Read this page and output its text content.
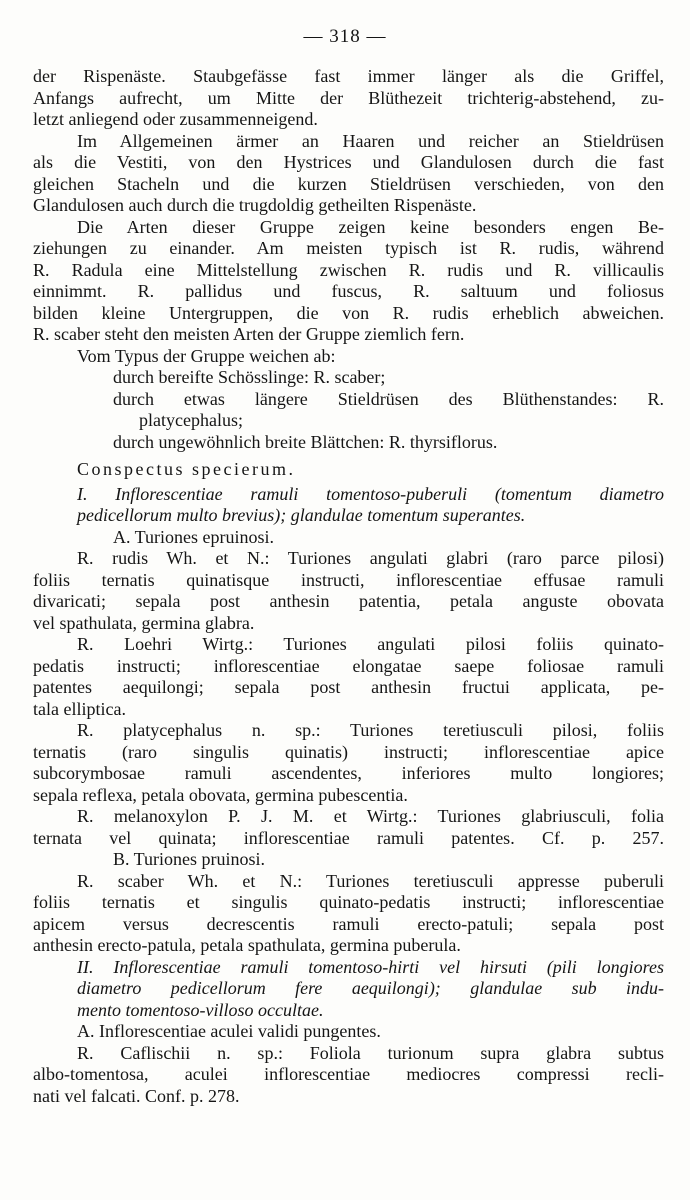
— 318 —
der Rispenäste. Staubgefässe fast immer länger als die Griffel,
Anfangs aufrecht, um Mitte der Blüthezeit trichterig-abstehend, zu-
letzt anliegend oder zusammenneigend.
Im Allgemeinen ärmer an Haaren und reicher an Stieldrüsen
als die Vestiti, von den Hystrices und Glandulosen durch die fast
gleichen Stacheln und die kurzen Stieldrüsen verschieden, von den
Glandulosen auch durch die trugdoldig getheilten Rispenäste.
Die Arten dieser Gruppe zeigen keine besonders engen Be-
ziehungen zu einander. Am meisten typisch ist R. rudis, während
R. Radula eine Mittelstellung zwischen R. rudis und R. villicaulis
einnimmt. R. pallidus und fuscus, R. saltuum und foliosus
bilden kleine Untergruppen, die von R. rudis erheblich abweichen.
R. scaber steht den meisten Arten der Gruppe ziemlich fern.
Vom Typus der Gruppe weichen ab:
durch bereifte Schösslinge: R. scaber;
durch etwas längere Stieldrüsen des Blüthenstandes: R.
platycephalus;
durch ungewöhnlich breite Blättchen: R. thyrsiflorus.
Conspectus specierum.
I. Inflorescentiae ramuli tomentoso-puberuli (tomentum diametro
pedicellorum multo brevius); glandulae tomentum superantes.
A. Turiones epruinosi.
R. rudis Wh. et N.: Turiones angulati glabri (raro parce pilosi)
foliis ternatis quinatisque instructi, inflorescentiae effusae ramuli
divaricati; sepala post anthesin patentia, petala anguste obovata
vel spathulata, germina glabra.
R. Loehri Wirtg.: Turiones angulati pilosi foliis quinato-
pedatis instructi; inflorescentiae elongatae saepe foliosae ramuli
patentes aequilongi; sepala post anthesin fructui applicata, pe-
tala elliptica.
R. platycephalus n. sp.: Turiones teretiusculi pilosi, foliis
ternatis (raro singulis quinatis) instructi; inflorescentiae apice
subcorymbosae ramuli ascendentes, inferiores multo longiores;
sepala reflexa, petala obovata, germina pubescentia.
R. melanoxylon P. J. M. et Wirtg.: Turiones glabriusculi, folia
ternata vel quinata; inflorescentiae ramuli patentes. Cf. p. 257.
B. Turiones pruinosi.
R. scaber Wh. et N.: Turiones teretiusculi appresse puberuli
foliis ternatis et singulis quinato-pedatis instructi; inflorescentiae
apicem versus decrescentis ramuli erecto-patuli; sepala post
anthesin erecto-patula, petala spathulata, germina puberula.
II. Inflorescentiae ramuli tomentoso-hirti vel hirsuti (pili longiores
diametro pedicellorum fere aequilongi); glandulae sub indu-
mento tomentoso-villoso occultae.
A. Inflorescentiae aculei validi pungentes.
R. Caflischii n. sp.: Foliola turionum supra glabra subtus
albo-tomentosa, aculei inflorescentiae mediocres compressi recli-
nati vel falcati. Conf. p. 278.
